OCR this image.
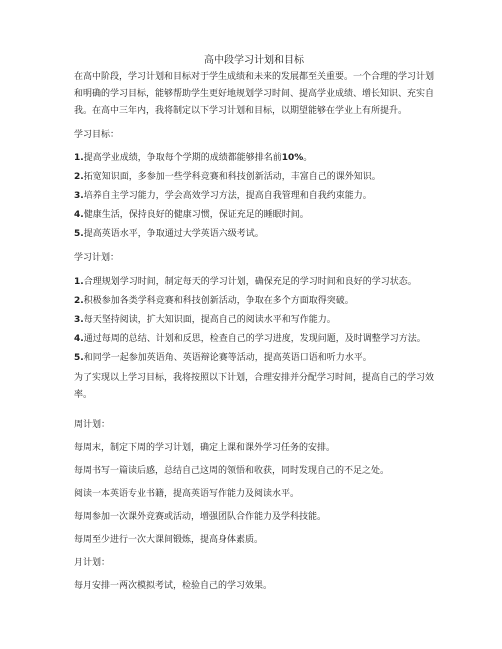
高中段学习计划和目标
在高中阶段，学习计划和目标对于学生成绩和未来的发展都至关重要。一个合理的学习计划和明确的学习目标，能够帮助学生更好地规划学习时间、提高学业成绩、增长知识、充实自我。在高中三年内，我将制定以下学习计划和目标，以期望能够在学业上有所提升。
学习目标：
1.提高学业成绩，争取每个学期的成绩都能够排名前10%。
2.拓宽知识面，多参加一些学科竞赛和科技创新活动，丰富自己的课外知识。
3.培养自主学习能力，学会高效学习方法，提高自我管理和自我约束能力。
4.健康生活，保持良好的健康习惯，保证充足的睡眠时间。
5.提高英语水平，争取通过大学英语六级考试。
学习计划：
1.合理规划学习时间，制定每天的学习计划，确保充足的学习时间和良好的学习状态。
2.积极参加各类学科竞赛和科技创新活动，争取在多个方面取得突破。
3.每天坚持阅读，扩大知识面，提高自己的阅读水平和写作能力。
4.通过每周的总结、计划和反思，检查自己的学习进度，发现问题，及时调整学习方法。
5.和同学一起参加英语角、英语辩论赛等活动，提高英语口语和听力水平。
为了实现以上学习目标，我将按照以下计划，合理安排并分配学习时间，提高自己的学习效率。
周计划：
每周末，制定下周的学习计划，确定上课和课外学习任务的安排。
每周书写一篇读后感，总结自己这周的领悟和收获，同时发现自己的不足之处。
阅读一本英语专业书籍，提高英语写作能力及阅读水平。
每周参加一次课外竞赛或活动，增强团队合作能力及学科技能。
每周至少进行一次大课间锻炼，提高身体素质。
月计划：
每月安排一两次模拟考试，检验自己的学习效果。
